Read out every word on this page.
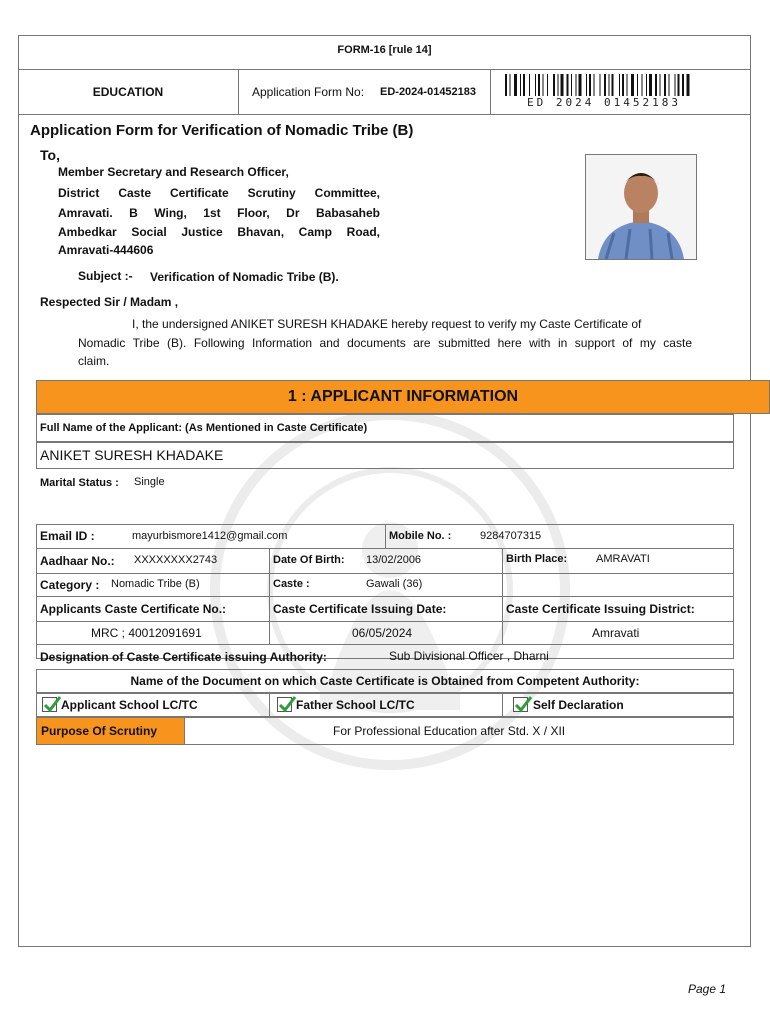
FORM-16 [rule 14]
EDUCATION	Application Form No: ED-2024-01452183
ED 2024 01452183
Application Form for Verification of Nomadic Tribe (B)
To,
Member Secretary and Research Officer,
District Caste Certificate Scrutiny Committee,
Amravati. B Wing, 1st Floor, Dr Babasaheb
Ambedkar Social Justice Bhavan, Camp Road,
Amravati-444606
Subject :- Verification of Nomadic Tribe (B).
Respected Sir / Madam ,
I, the undersigned ANIKET SURESH KHADAKE hereby request to verify my Caste Certificate of
Nomadic Tribe (B). Following Information and documents are submitted here with in support of my caste
claim.
1 : APPLICANT INFORMATION
Full Name of the Applicant: (As Mentioned in Caste Certificate)
ANIKET SURESH KHADAKE
Marital Status : Single
Email ID :	mayurbismore1412@gmail.com	Mobile No. :	9284707315
Aadhaar No.: XXXXXXXX2743	Date Of Birth: 13/02/2006	Birth Place:	AMRAVATI
Category : Nomadic Tribe (B)	Caste :	Gawali (36)
Applicants Caste Certificate No.:	Caste Certificate Issuing Date:	Caste Certificate Issuing District:
MRC ; 40012091691	06/05/2024	Amravati
Designation of Caste Certificate issuing Authority:	Sub Divisional Officer , Dharni
Name of the Document on which Caste Certificate is Obtained from Competent Authority:
Applicant School LC/TC	Father School LC/TC	Self Declaration
Purpose Of Scrutiny	For Professional Education after Std. X / XII
Page 1
